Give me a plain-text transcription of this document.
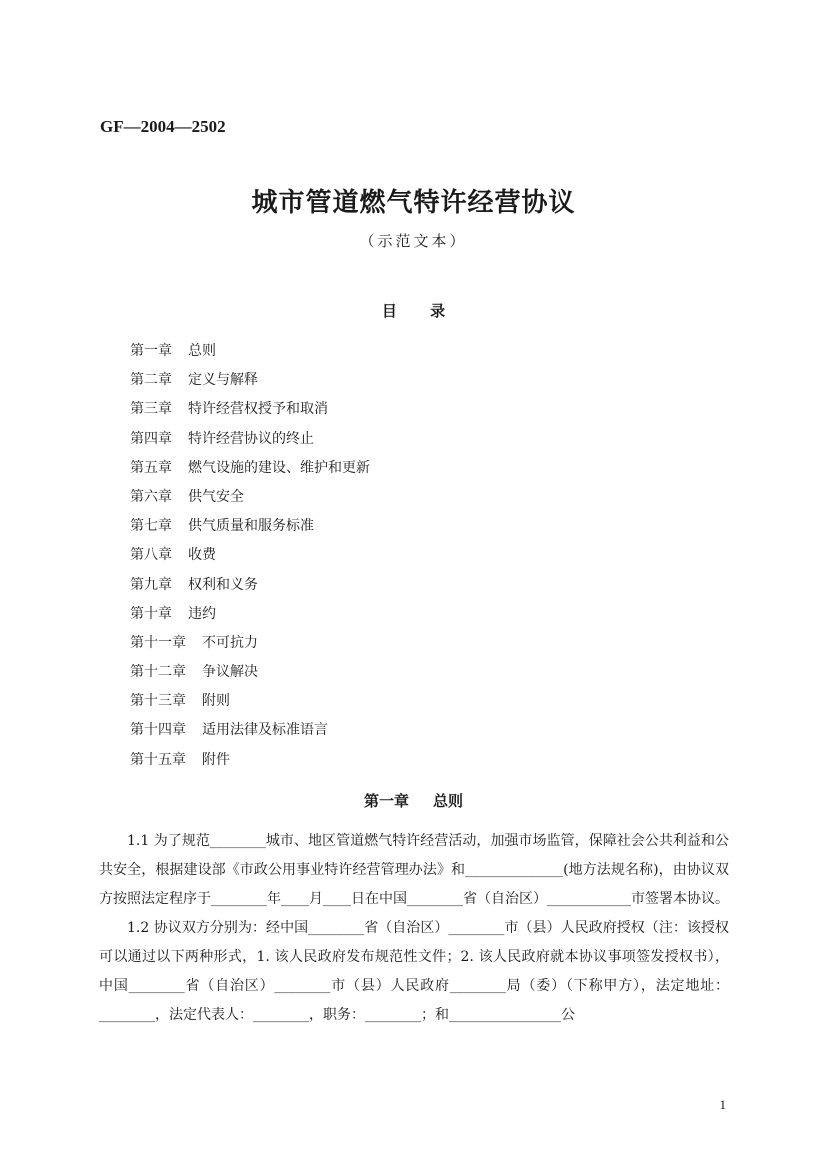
GF—2004—2502
城市管道燃气特许经营协议
（示范文本）
目 录
第一章 总则
第二章 定义与解释
第三章 特许经营权授予和取消
第四章 特许经营协议的终止
第五章 燃气设施的建设、维护和更新
第六章 供气安全
第七章 供气质量和服务标准
第八章 收费
第九章 权利和义务
第十章 违约
第十一章 不可抗力
第十二章 争议解决
第十三章 附则
第十四章 适用法律及标准语言
第十五章 附件
第一章 总则

1.1 为了规范________城市、地区管道燃气特许经营活动，加强市场监管，保障社会公共利益和公共安全，根据建设部《市政公用事业特许经营管理办法》和______________(地方法规名称)，由协议双方按照法定程序于________年____月____日在中国________省（自治区）____________市签署本协议。

1.2 协议双方分别为：经中国________省（自治区）________市（县）人民政府授权（注：该授权可以通过以下两种形式，1. 该人民政府发布规范性文件；2. 该人民政府就本协议事项签发授权书），中国________省（自治区）________市（县）人民政府________局（委）（下称甲方），法定地址：________，法定代表人：________，职务：________；和________________公

1
